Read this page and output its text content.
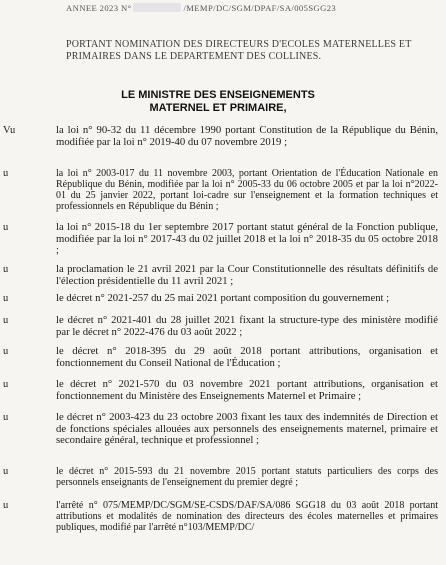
ANNEE 2023 N°	/MEMP/DC/SGM/DPAF/SA/005SGG23
PORTANT NOMINATION DES DIRECTEURS D'ECOLES MATERNELLES ET PRIMAIRES DANS LE DEPARTEMENT DES COLLINES.
LE MINISTRE DES ENSEIGNEMENTS
MATERNEL ET PRIMAIRE,
Vu	la loi n° 90-32 du 11 décembre 1990 portant Constitution de la République du Bénin, modifiée par la loi n° 2019-40 du 07 novembre 2019 ;
u	la loi n° 2003-017 du 11 novembre 2003, portant Orientation de l'Éducation Nationale en République du Bénin, modifiée par la loi n° 2005-33 du 06 octobre 2005 et par la loi n°2022-01 du 25 janvier 2022, portant loi-cadre sur l'enseignement et la formation techniques et professionnels en République du Bénin ;
u	la loi n° 2015-18 du 1er septembre 2017 portant statut général de la Fonction publique, modifiée par la loi n° 2017-43 du 02 juillet 2018 et la loi n° 2018-35 du 05 octobre 2018 ;
u	la proclamation le 21 avril 2021 par la Cour Constitutionnelle des résultats définitifs de l'élection présidentielle du 11 avril 2021 ;
u	le décret n° 2021-257 du 25 mai 2021 portant composition du gouvernement ;
u	le décret n° 2021-401 du 28 juillet 2021 fixant la structure-type des ministère modifié par le décret n° 2022-476 du 03 août 2022 ;
u	le décret n° 2018-395 du 29 août 2018 portant attributions, organisation et fonctionnement du Conseil National de l'Éducation ;
u	le décret n° 2021-570 du 03 novembre 2021 portant attributions, organisation et fonctionnement du Ministère des Enseignements Maternel et Primaire ;
u	le décret n° 2003-423 du 23 octobre 2003 fixant les taux des indemnités de Direction et de fonctions spéciales allouées aux personnels des enseignements maternel, primaire et secondaire général, technique et professionnel ;
u	le décret n° 2015-593 du 21 novembre 2015 portant statuts particuliers des corps des personnels enseignants de l'enseignement du premier degré ;
u	l'arrêté n° 075/MEMP/DC/SGM/SE-CSDS/DAF/SA/086 SGG18 du 03 août 2018 portant attributions et modalités de nomination des directeurs des écoles maternelles et primaires publiques, modifié par l'arrêté n°103/MEMP/DC/
